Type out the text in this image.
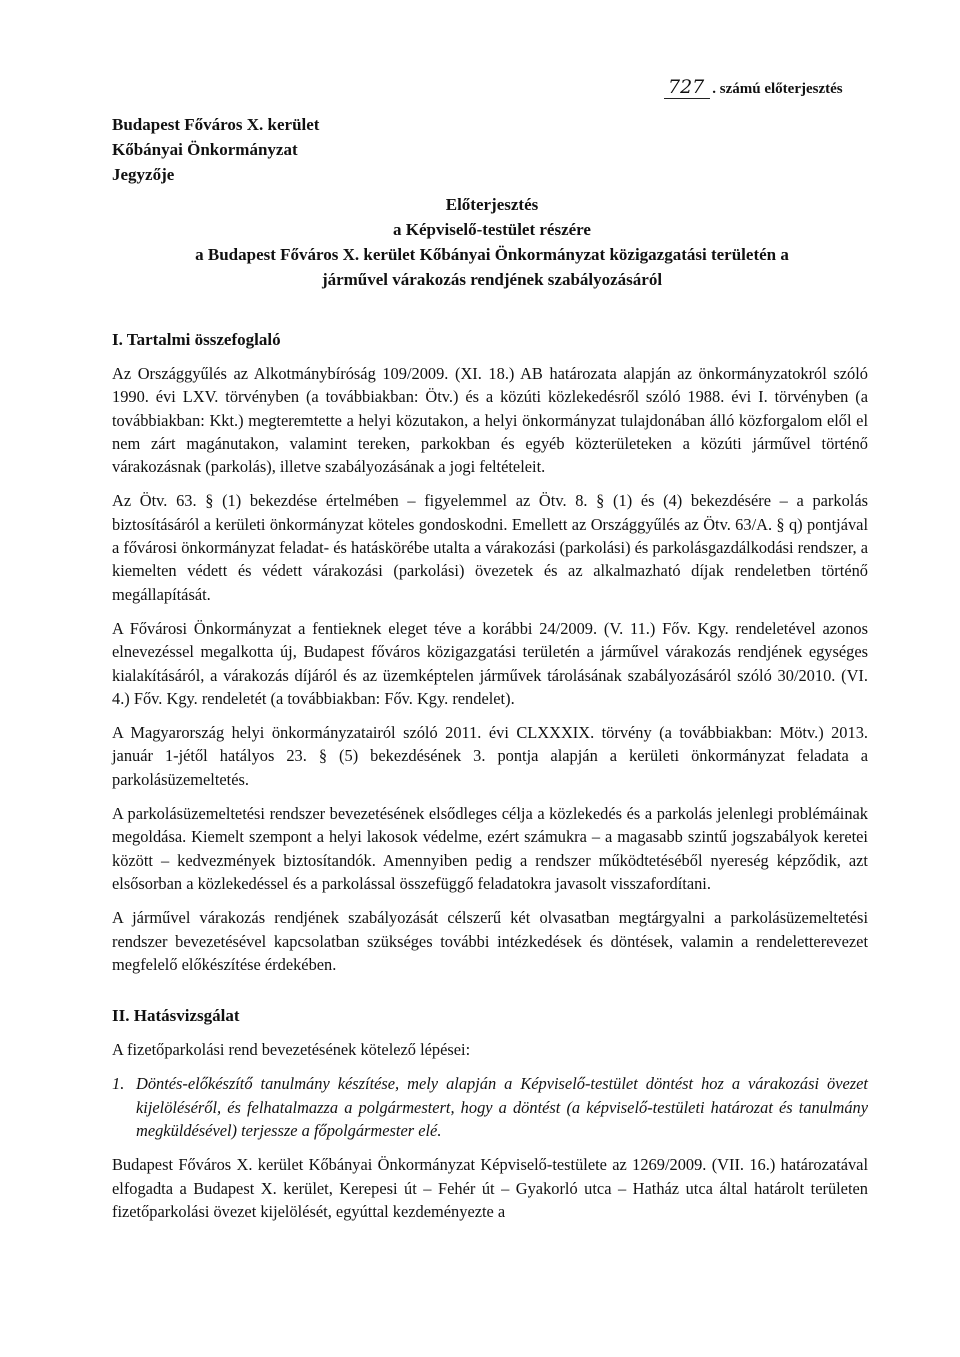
Budapest Főváros X. kerület
Kőbányai Önkormányzat
Jegyzője
727 . számú előterjesztés
Előterjesztés
a Képviselő-testület részére
a Budapest Főváros X. kerület Kőbányai Önkormányzat közigazgatási területén a
járművel várakozás rendjének szabályozásáról
I. Tartalmi összefoglaló

Az Országgyűlés az Alkotmánybíróság 109/2009. (XI. 18.) AB határozata alapján az önkormányzatokról szóló 1990. évi LXV. törvényben (a továbbiakban: Ötv.) és a közúti közlekedésről szóló 1988. évi I. törvényben (a továbbiakban: Kkt.) megteremtette a helyi közutakon, a helyi önkormányzat tulajdonában álló közforgalom elől el nem zárt magánutakon, valamint tereken, parkokban és egyéb közterületeken a közúti járművel történő várakozásnak (parkolás), illetve szabályozásának a jogi feltételeit.

Az Ötv. 63. § (1) bekezdése értelmében – figyelemmel az Ötv. 8. § (1) és (4) bekezdésére – a parkolás biztosításáról a kerületi önkormányzat köteles gondoskodni. Emellett az Országgyűlés az Ötv. 63/A. § q) pontjával a fővárosi önkormányzat feladat- és hatáskörébe utalta a várakozási (parkolási) és parkolásgazdálkodási rendszer, a kiemelten védett és védett várakozási (parkolási) övezetek és az alkalmazható díjak rendeletben történő megállapítását.

A Fővárosi Önkormányzat a fentieknek eleget téve a korábbi 24/2009. (V. 11.) Főv. Kgy. rendeletével azonos elnevezéssel megalkotta új, Budapest főváros közigazgatási területén a járművel várakozás rendjének egységes kialakításáról, a várakozás díjáról és az üzemképtelen járművek tárolásának szabályozásáról szóló 30/2010. (VI. 4.) Főv. Kgy. rendeletét (a továbbiakban: Főv. Kgy. rendelet).

A Magyarország helyi önkormányzatairól szóló 2011. évi CLXXXIX. törvény (a továbbiakban: Mötv.) 2013. január 1-jétől hatályos 23. § (5) bekezdésének 3. pontja alapján a kerületi önkormányzat feladata a parkolásüzemeltetés.

A parkolásüzemeltetési rendszer bevezetésének elsődleges célja a közlekedés és a parkolás jelenlegi problémáinak megoldása. Kiemelt szempont a helyi lakosok védelme, ezért számukra – a magasabb szintű jogszabályok keretei között – kedvezmények biztosítandók. Amennyiben pedig a rendszer működtetéséből nyereség képződik, azt elsősorban a közlekedéssel és a parkolással összefüggő feladatokra javasolt visszafordítani.

A járművel várakozás rendjének szabályozását célszerű két olvasatban megtárgyalni a parkolásüzemeltetési rendszer bevezetésével kapcsolatban szükséges további intézkedések és döntések, valamin a rendeletterevezet megfelelő előkészítése érdekében.

II. Hatásvizsgálat

A fizetőparkolási rend bevezetésének kötelező lépései:

1. Döntés-előkészítő tanulmány készítése, mely alapján a Képviselő-testület döntést hoz a várakozási övezet kijelöléséről, és felhatalmazza a polgármestert, hogy a döntést (a képviselő-testületi határozat és tanulmány megküldésével) terjessze a főpolgármester elé.

Budapest Főváros X. kerület Kőbányai Önkormányzat Képviselő-testülete az 1269/2009. (VII. 16.) határozatával elfogadta a Budapest X. kerület, Kerepesi út – Fehér út – Gyakorló utca – Hatház utca által határolt területen fizetőparkolási övezet kijelölését, egyúttal kezdeményezte a
